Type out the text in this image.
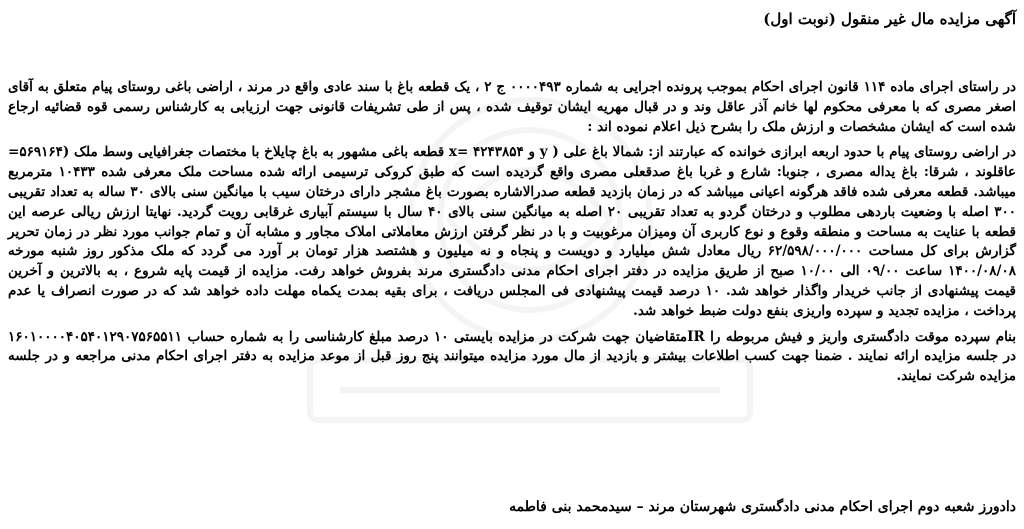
آگهی مزایده مال غیر منقول (نوبت اول)

در راستای اجرای ماده ۱۱۴ قانون اجرای احکام بموجب پرونده اجرایی به شماره ۰۰۰۰۴۹۳ ج ۲ ، یک قطعه باغ با سند عادی واقع در مرند ، اراضی باغی روستای پیام متعلق به آقای اصغر مصری که با معرفی محکوم لها خانم آذر عاقل وند و در قبال مهریه ایشان توقیف شده ، پس از طی تشریفات قانونی جهت ارزیابی به کارشناس رسمی قوه قضائیه ارجاع شده است که ایشان مشخصات و ارزش ملک را بشرح ذیل اعلام نموده اند :

در اراضی روستای پیام با حدود اربعه ابرازی خوانده که عبارتند از: شمالا باغ علی ( y و ۴۲۴۳۸۵۴ =x قطعه باغی مشهور به باغ چایلاخ با مختصات جغرافیایی وسط ملک (۵۶۹۱۶۴= عاقلوند ، شرقا: باغ یداله مصری ، جنوبا: شارع و غربا باغ صدقعلی مصری واقع گردیده است که طبق کروکی ترسیمی ارائه شده مساحت ملک معرفی شده ۱۰۴۳۳ مترمربع میباشد. قطعه معرفی شده فاقد هرگونه اعیانی میباشد که در زمان بازدید قطعه صدرالاشاره بصورت باغ مشجر دارای درختان سیب با میانگین سنی بالای ۳۰ ساله به تعداد تقریبی ۳۰۰ اصله با وضعیت باردهی مطلوب و درختان گردو به تعداد تقریبی ۲۰ اصله به میانگین سنی بالای ۴۰ سال با سیستم آبیاری غرقابی رویت گردید. نهایتا ارزش ریالی عرصه این قطعه با عنایت به مساحت و منطقه وقوع و نوع کاربری آن ومیزان مرغوبیت و با در نظر گرفتن ارزش معاملاتی املاک مجاور و مشابه آن و تمام جوانب مورد نظر در زمان تحریر گزارش برای کل مساحت ۶۲/۵۹۸/۰۰۰/۰۰۰ ریال معادل شش میلیارد و دویست و پنجاه و نه میلیون و هشتصد هزار تومان بر آورد می گردد که ملک مذکور روز شنبه مورخه ۱۴۰۰/۰۸/۰۸ ساعت ۰۹/۰۰ الی ۱۰/۰۰ صبح از طریق مزایده در دفتر اجرای احکام مدنی دادگستری مرند بفروش خواهد رفت. مزایده از قیمت پایه شروع ، به بالاترین و آخرین قیمت پیشنهادی از جانب خریدار واگذار خواهد شد. ۱۰ درصد قیمت پیشنهادی فی المجلس دریافت ، برای بقیه بمدت یکماه مهلت داده خواهد شد که در صورت انصراف یا عدم پرداخت ، مزایده تجدید و سپرده واریزی بنفع دولت ضبط خواهد شد.

بنام سپرده موقت دادگستری واریز و فیش مربوطه را IRمتقاضیان جهت شرکت در مزایده بایستی ۱۰ درصد مبلغ کارشناسی را به شماره حساب ۱۶۰۱۰۰۰۰۴۰۵۴۰۱۲۹۰۷۵۶۵۵۱۱ در جلسه مزایده ارائه نمایند . ضمنا جهت کسب اطلاعات بیشتر و بازدید از مال مورد مزایده میتوانند پنج روز قبل از موعد مزایده به دفتر اجرای احکام مدنی مراجعه و در جلسه مزایده شرکت نمایند.

دادورز شعبه دوم اجرای احکام مدنی دادگستری شهرستان مرند – سیدمحمد بنی فاطمه
